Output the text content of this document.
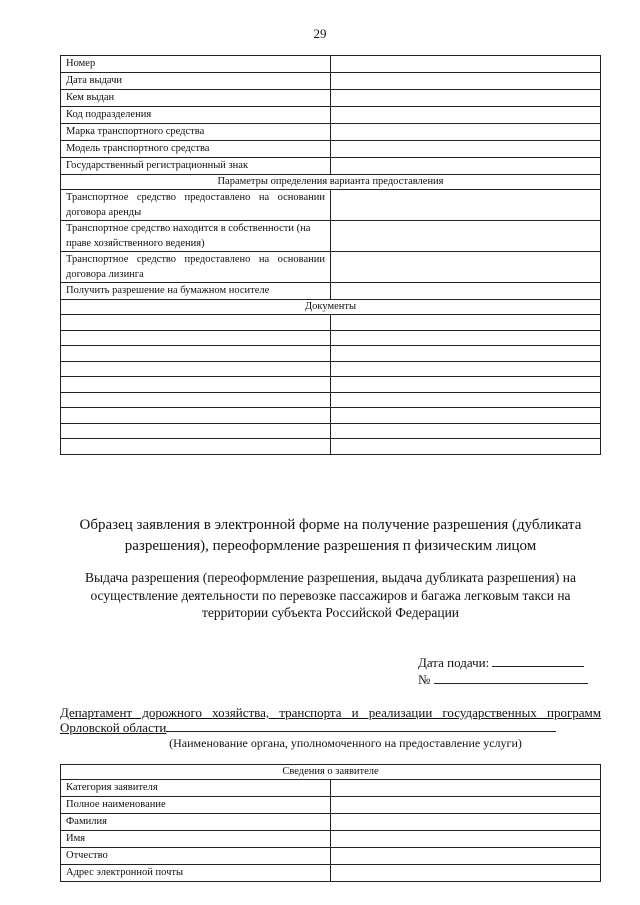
29
Номер	
Дата выдачи	
Кем выдан	
Код подразделения	
Марка транспортного средства	
Модель транспортного средства	
Государственный регистрационный знак	
Параметры определения варианта предоставления	
Транспортное средство предоставлено на основании договора аренды	
Транспортное средство находится в собственности (на праве хозяйственного ведения)	
Транспортное средство предоставлено на основании договора лизинга	
Получить разрешение на бумажном носителе	
Документы	

Образец заявления в электронной форме на получение разрешения (дубликата разрешения), переоформление разрешения п физическим лицом
Выдача разрешения (переоформление разрешения, выдача дубликата разрешения) на осуществление деятельности по перевозке пассажиров и багажа легковым такси на территории субъекта Российской Федерации
Дата подачи:
№
Департамент дорожного хозяйства, транспорта и реализации государственных программ
Орловской области
(Наименование органа, уполномоченного на предоставление услуги)
Сведения о заявителе	
Категория заявителя	
Полное наименование	
Фамилия	
Имя	
Отчество	
Адрес электронной почты	
